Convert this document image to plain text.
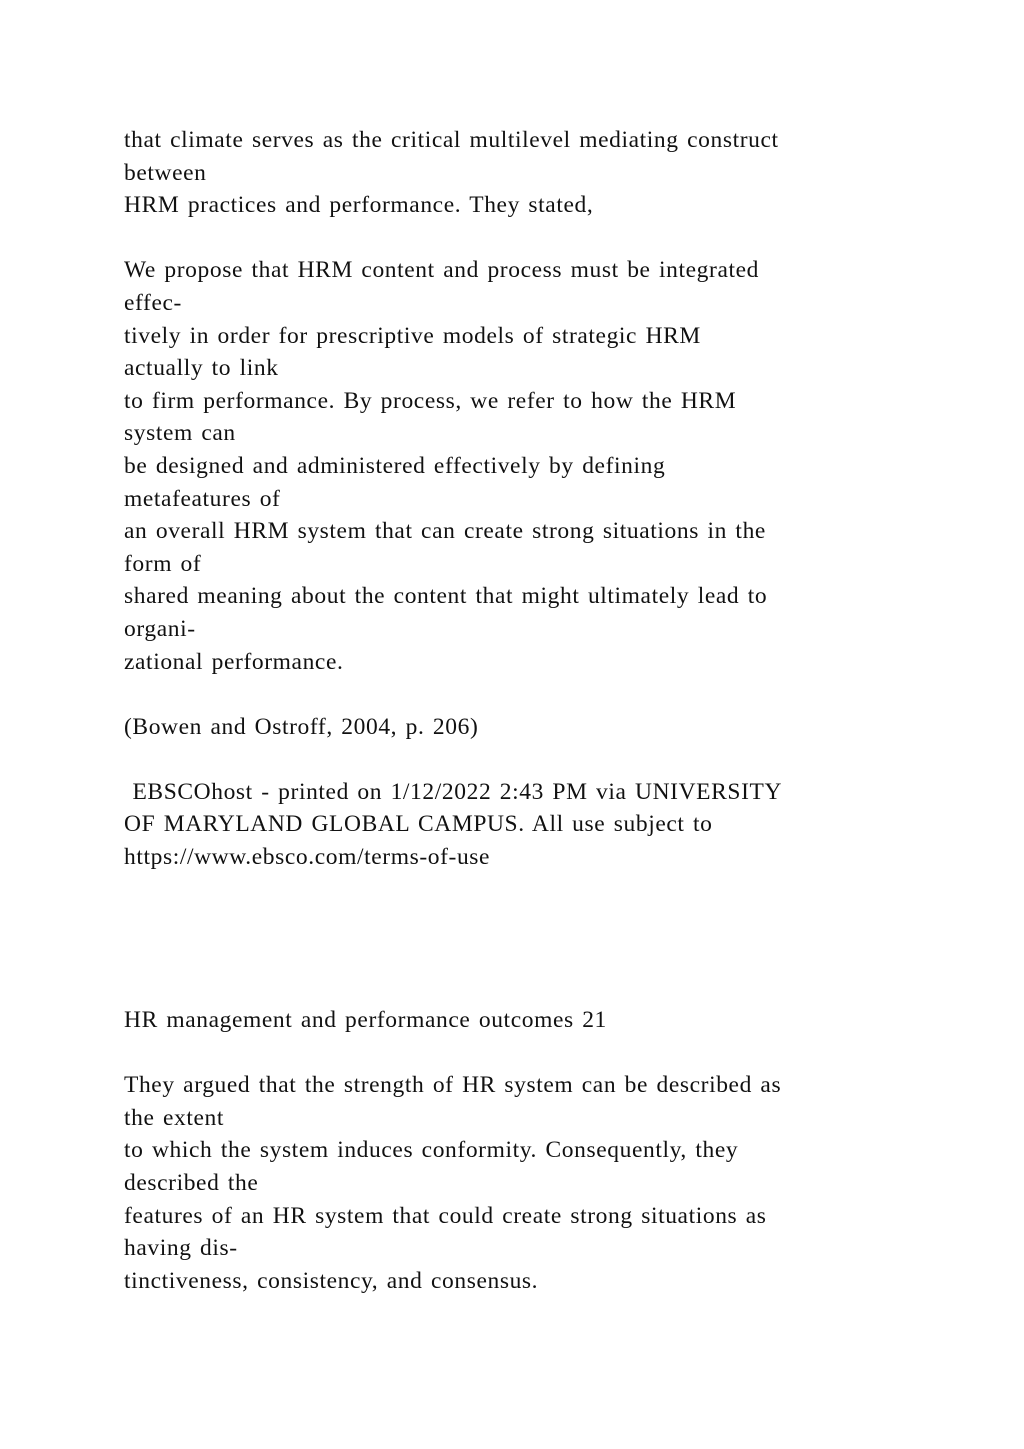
that climate serves as the critical multilevel mediating construct
between
HRM practices and performance. They stated,
We propose that HRM content and process must be integrated
effec-
tively in order for prescriptive models of strategic HRM
actually to link
to firm performance. By process, we refer to how the HRM
system can
be designed and administered effectively by defining
metafeatures of
an overall HRM system that can create strong situations in the
form of
shared meaning about the content that might ultimately lead to
organi-
zational performance.
(Bowen and Ostroff, 2004, p. 206)
EBSCOhost - printed on 1/12/2022 2:43 PM via UNIVERSITY
OF MARYLAND GLOBAL CAMPUS. All use subject to
https://www.ebsco.com/terms-of-use
HR management and performance outcomes 21
They argued that the strength of HR system can be described as
the extent
to which the system induces conformity. Consequently, they
described the
features of an HR system that could create strong situations as
having dis-
tinctiveness, consistency, and consensus.
